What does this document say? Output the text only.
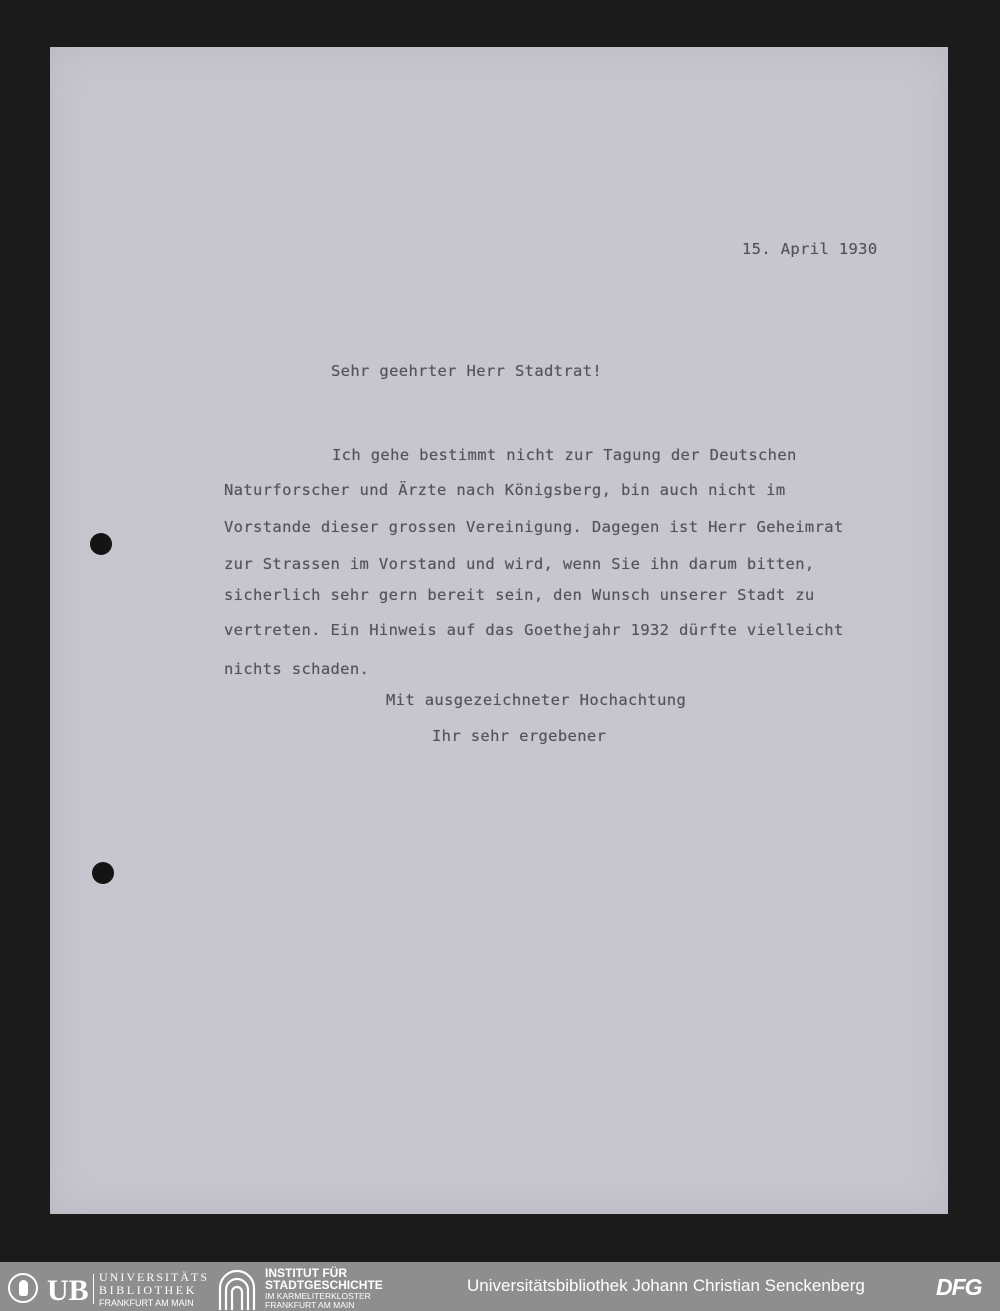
15. April 1930
Sehr geehrter Herr Stadtrat!

Ich gehe bestimmt nicht zur Tagung der Deutschen

Naturforscher und Ärzte nach Königsberg, bin auch nicht im

Vorstande dieser grossen Vereinigung. Dagegen ist Herr Geheimrat

zur Strassen im Vorstand und wird, wenn Sie ihn darum bitten,

sicherlich sehr gern bereit sein, den Wunsch unserer Stadt zu

vertreten. Ein Hinweis auf das Goethejahr 1932 dürfte vielleicht

nichts schaden.

Mit ausgezeichneter Hochachtung
Ihr sehr ergebener
UB UNIVERSITÄTS
BIBLIOTHEK
FRANKFURT AM MAIN
INSTITUT FÜR
STADTGESCHICHTE
IM KARMELITERKLOSTER
FRANKFURT AM MAIN
Universitätsbibliothek Johann Christian Senckenberg	DFG
